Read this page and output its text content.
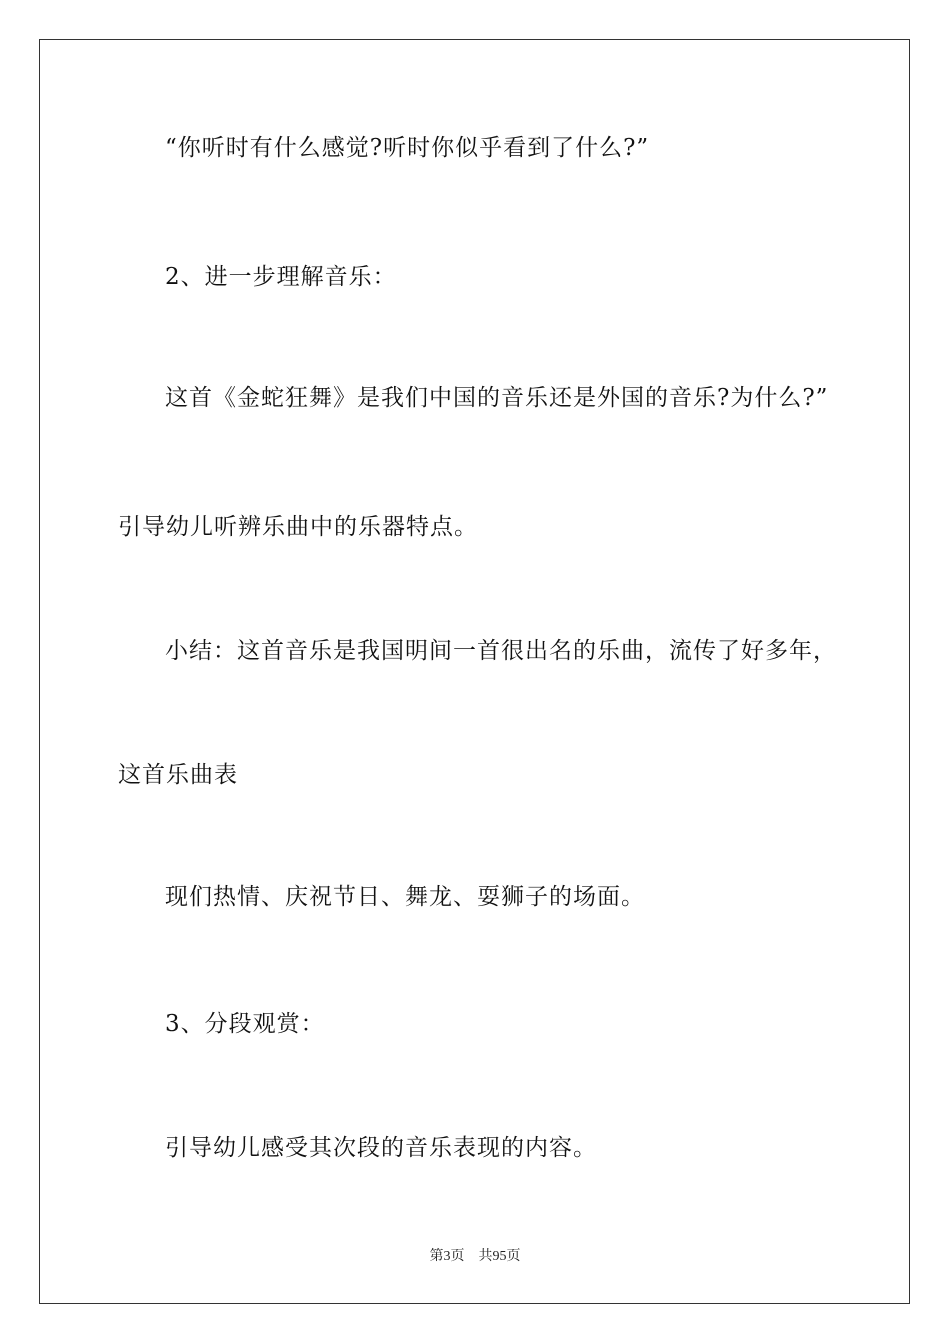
“你听时有什么感觉?听时你似乎看到了什么?”
2、进一步理解音乐：
这首《金蛇狂舞》是我们中国的音乐还是外国的音乐?为什么?”
引导幼儿听辨乐曲中的乐器特点。
小结：这首音乐是我国明间一首很出名的乐曲，流传了好多年，
这首乐曲表
现们热情、庆祝节日、舞龙、耍狮子的场面。
3、分段观赏：
引导幼儿感受其次段的音乐表现的内容。
第3页 共95页
